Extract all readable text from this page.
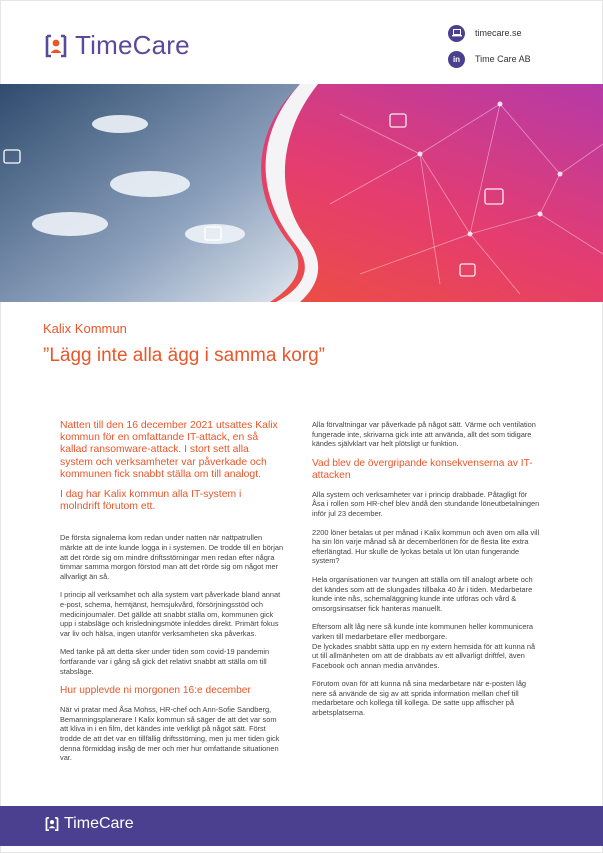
TimeCare	timecare.se
in	Time Care AB
Kalix Kommun
”Lägg inte alla ägg i samma korg”
Natten till den 16 december 2021 utsattes Kalix kommun för en omfattande IT-attack, en så kallad ransomware-attack. I stort sett alla system och verksamheter var påverkade och kommunen fick snabbt ställa om till analogt.
I dag har Kalix kommun alla IT-system i molndrift förutom ett.

De första signalerna kom redan under natten när nattpatrullen märkte att de inte kunde logga in i systemen. De trodde till en början att det rörde sig om mindre driftsstörningar men redan efter några timmar samma morgon förstod man att det rörde sig om något mer allvarligt än så.

I princip all verksamhet och alla system vart påverkade bland annat e-post, schema, hemtjänst, hemsjukvård, försörjningsstöd och medicinjournaler. Det gällde att snabbt ställa om, kommunen gick upp i stabsläge och krisledningsmöte inleddes direkt. Primärt fokus var liv och hälsa, ingen utanför verksamheten ska påverkas.

Med tanke på att detta sker under tiden som covid-19 pandemin fortfarande var i gång så gick det relativt snabbt att ställa om till stabsläge.

Hur upplevde ni morgonen 16:e december

När vi pratar med Åsa Mohss, HR-chef och Ann-Sofie Sandberg, Bemanningsplanerare I Kalix kommun så säger de att det var som att kliva in i en film, det kändes inte verkligt på något sätt. Först trodde de att det var en tillfällig driftsstörning, men ju mer tiden gick denna förmiddag insåg de mer och mer hur omfattande situationen var.

Alla förvaltningar var påverkade på något sätt. Värme och ventilation fungerade inte, skrivarna gick inte att använda, allt det som tidigare kändes självklart var helt plötsligt ur funktion.

Vad blev de övergripande konsekvenserna av IT-attacken

Alla system och verksamheter var i princip drabbade. Påtagligt för Åsa i rollen som HR-chef blev ändå den stundande löneutbetalningen inför jul 23 december.

2200 löner betalas ut per månad i Kalix kommun och även om alla vill ha sin lön varje månad så är decemberlönen för de flesta lite extra efterlängtad. Hur skulle de lyckas betala ut lön utan fungerande system?

Hela organisationen var tvungen att ställa om till analogt arbete och det kändes som att de slungades tillbaka 40 år i tiden. Medarbetare kunde inte nås, schemaläggning kunde inte utföras och vård & omsorgsinsatser fick hanteras manuellt.

Eftersom allt låg nere så kunde inte kommunen heller kommunicera varken till medarbetare eller medborgare.

De lyckades snabbt sätta upp en ny extern hemsida för att kunna nå ut till allmänheten om att de drabbats av ett allvarligt driftfel, även Facebook och annan media användes.

Förutom ovan för att kunna nå sina medarbetare när e-posten låg nere så använde de sig av att sprida information mellan chef till medarbetare och kollega till kollega. De satte upp affischer på arbetsplatserna.

TimeCare
